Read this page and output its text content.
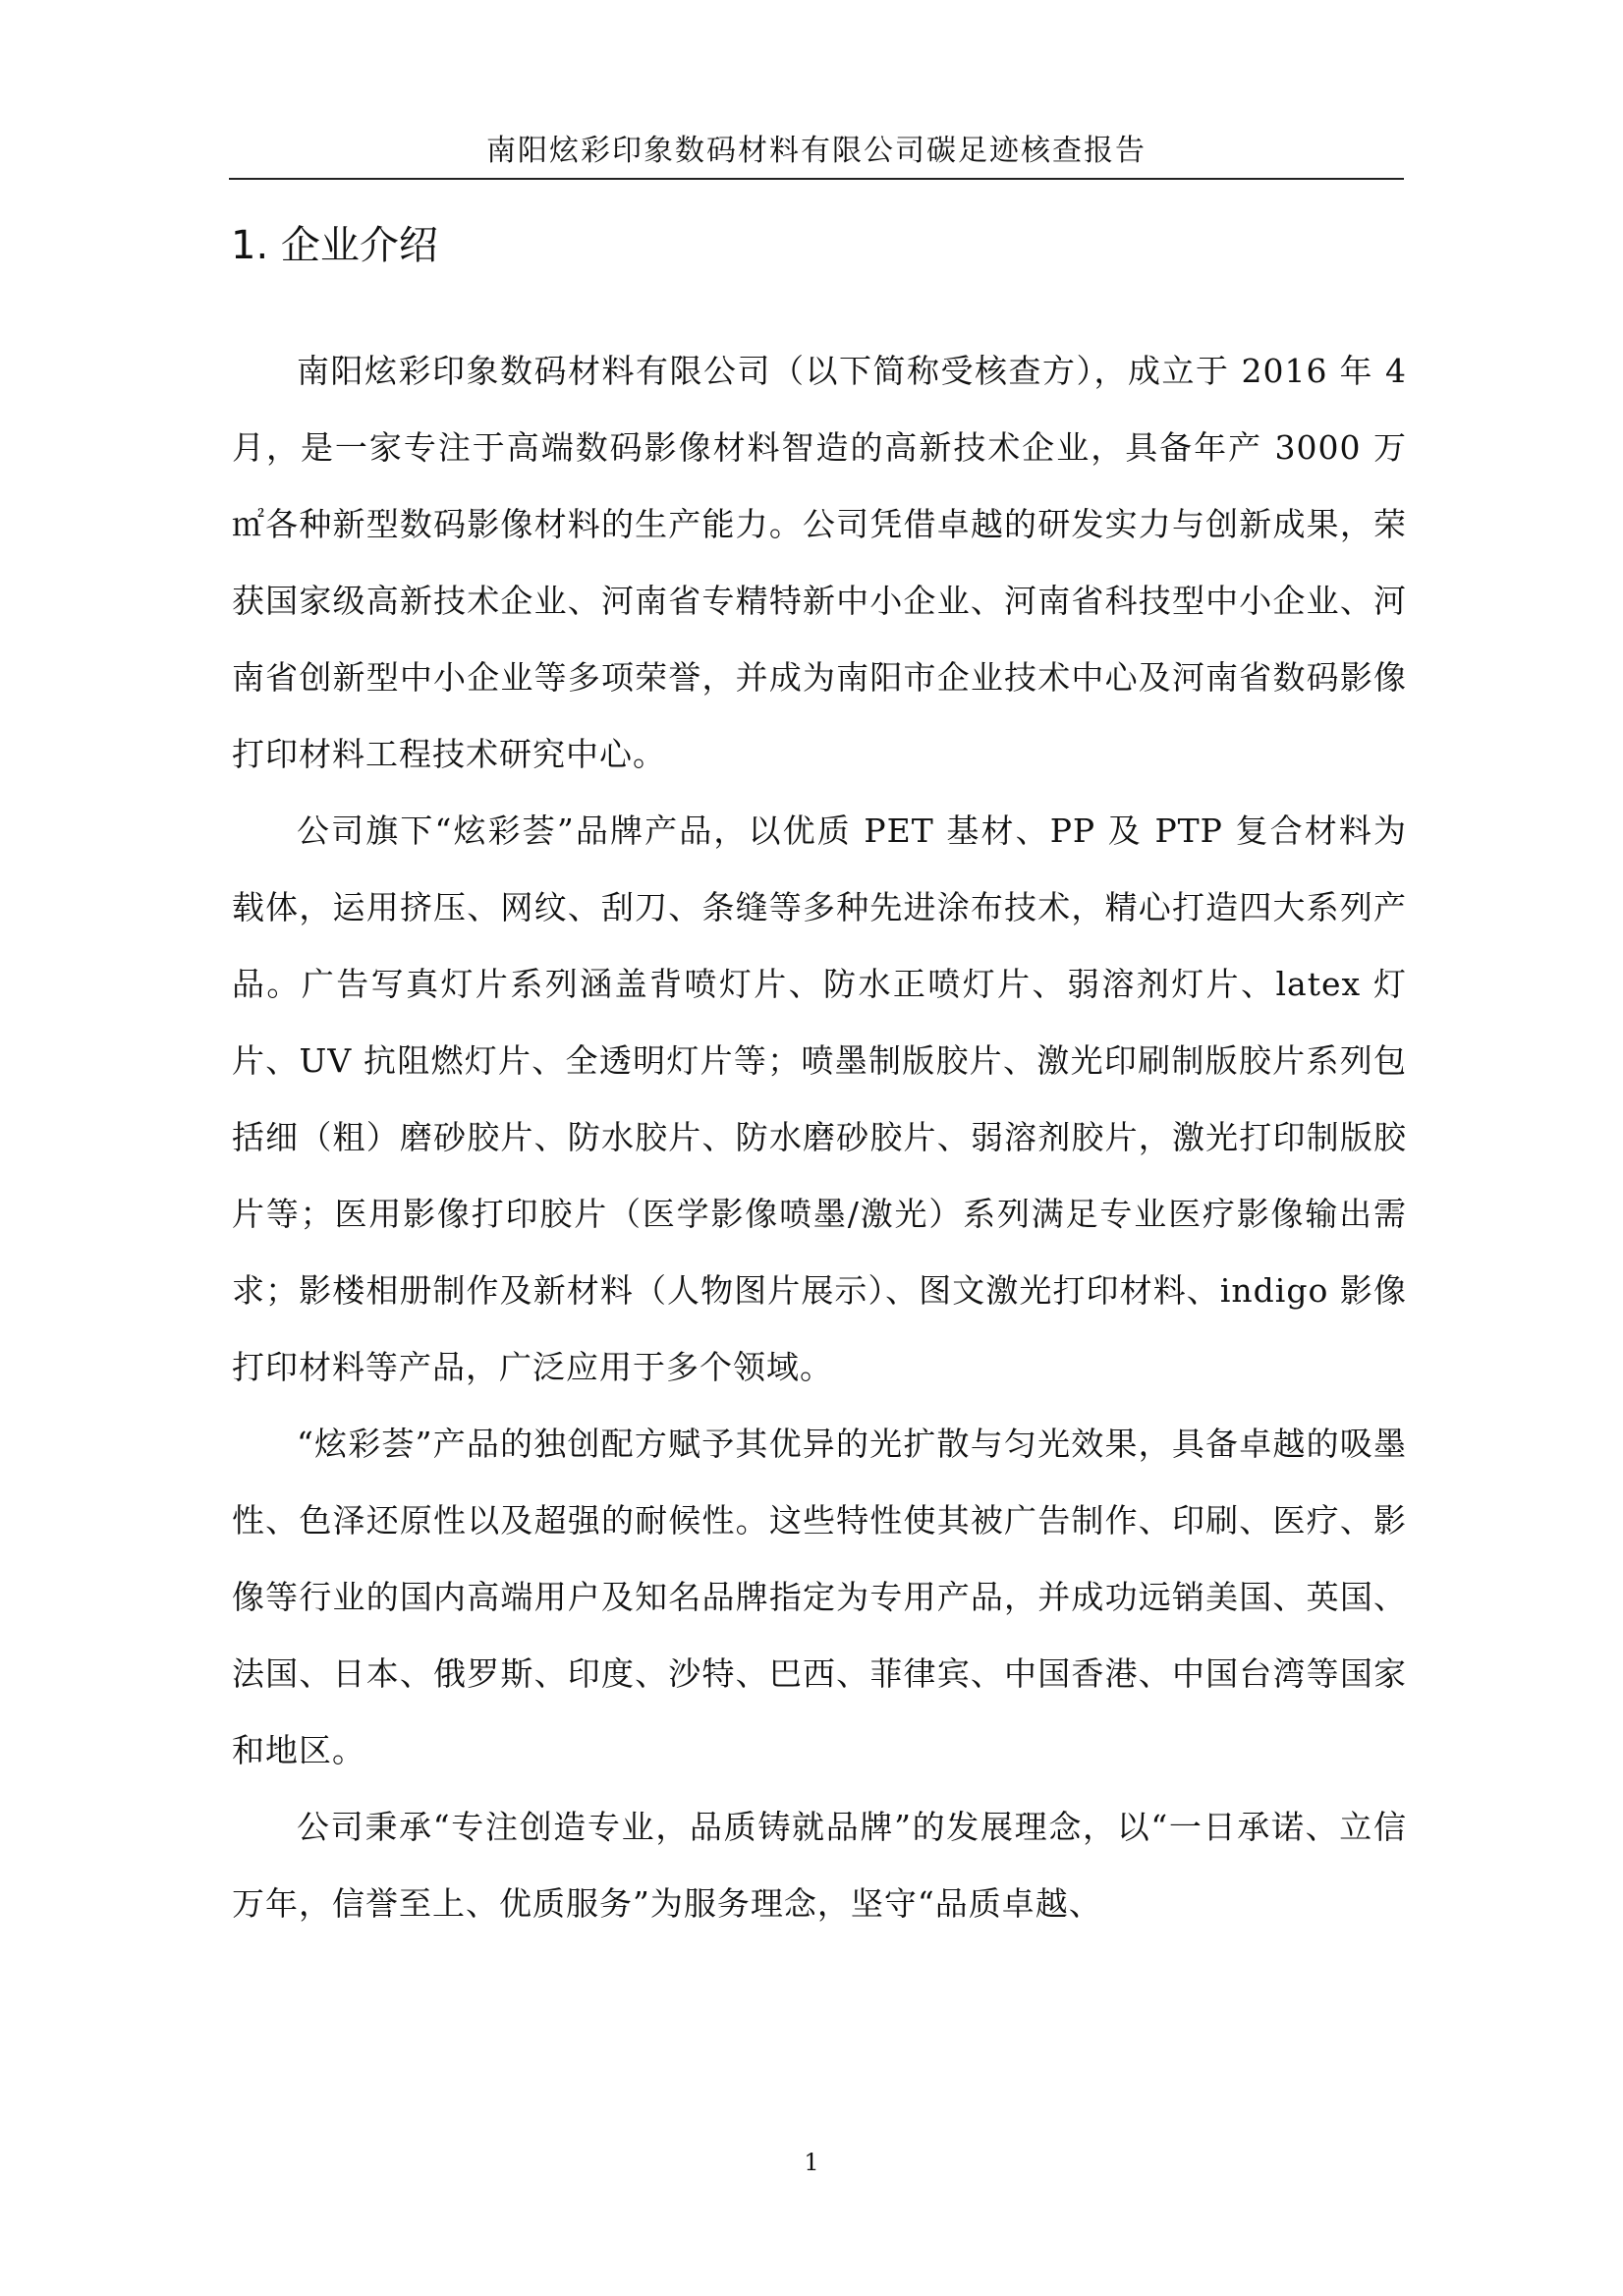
南阳炫彩印象数码材料有限公司碳足迹核查报告
1. 企业介绍

南阳炫彩印象数码材料有限公司（以下简称受核查方），成立于 2016 年 4 月，是一家专注于高端数码影像材料智造的高新技术企业，具备年产 3000 万㎡各种新型数码影像材料的生产能力。公司凭借卓越的研发实力与创新成果，荣获国家级高新技术企业、河南省专精特新中小企业、河南省科技型中小企业、河南省创新型中小企业等多项荣誉，并成为南阳市企业技术中心及河南省数码影像打印材料工程技术研究中心。

公司旗下“炫彩荟”品牌产品，以优质 PET 基材、PP 及 PTP 复合材料为载体，运用挤压、网纹、刮刀、条缝等多种先进涂布技术，精心打造四大系列产品。广告写真灯片系列涵盖背喷灯片、防水正喷灯片、弱溶剂灯片、latex 灯片、UV 抗阻燃灯片、全透明灯片等；喷墨制版胶片、激光印刷制版胶片系列包括细（粗）磨砂胶片、防水胶片、防水磨砂胶片、弱溶剂胶片，激光打印制版胶片等；医用影像打印胶片（医学影像喷墨/激光）系列满足专业医疗影像输出需求；影楼相册制作及新材料（人物图片展示）、图文激光打印材料、indigo 影像打印材料等产品，广泛应用于多个领域。

“炫彩荟”产品的独创配方赋予其优异的光扩散与匀光效果，具备卓越的吸墨性、色泽还原性以及超强的耐候性。这些特性使其被广告制作、印刷、医疗、影像等行业的国内高端用户及知名品牌指定为专用产品，并成功远销美国、英国、法国、日本、俄罗斯、印度、沙特、巴西、菲律宾、中国香港、中国台湾等国家和地区。

公司秉承“专注创造专业，品质铸就品牌”的发展理念，以“一日承诺、立信万年，信誉至上、优质服务”为服务理念，坚守“品质卓越、

1
